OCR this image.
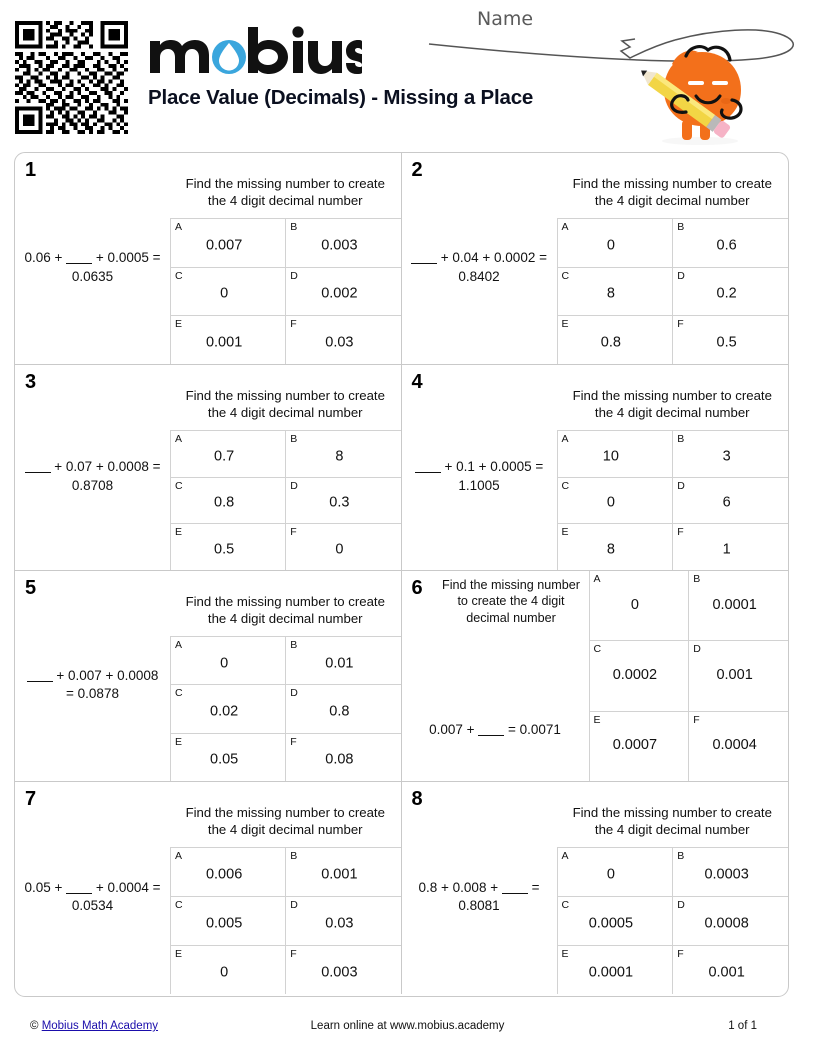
Place Value (Decimals) - Missing a Place
Name
1
0.06 +  + 0.0005 = 0.0635
Find the missing number to create the 4 digit decimal number
A
0.007
B
0.003
C
0
D
0.002
E
0.001
F
0.03
2
+ 0.04 + 0.0002 = 0.8402
Find the missing number to create the 4 digit decimal number
A
0
B
0.6
C
8
D
0.2
E
0.8
F
0.5
3
+ 0.07 + 0.0008 = 0.8708
Find the missing number to create the 4 digit decimal number
A
0.7
B
8
C
0.8
D
0.3
E
0.5
F
0
4
+ 0.1 + 0.0005 = 1.1005
Find the missing number to create the 4 digit decimal number
A
10
B
3
C
0
D
6
E
8
F
1
5
+ 0.007 + 0.0008 = 0.0878
Find the missing number to create the 4 digit decimal number
A
0
B
0.01
C
0.02
D
0.8
E
0.05
F
0.08
6	Find the missing number to create the 4 digit decimal number
0.007 +  = 0.0071
A
0
B
0.0001
C
0.0002
D
0.001
E
0.0007
F
0.0004
7
0.05 +  + 0.0004 = 0.0534
Find the missing number to create the 4 digit decimal number
A
0.006
B
0.001
C
0.005
D
0.03
E
0
F
0.003
8
0.8 + 0.008 +  = 0.8081
Find the missing number to create the 4 digit decimal number
A
0
B
0.0003
C
0.0005
D
0.0008
E
0.0001
F
0.001
© Mobius Math Academy	Learn online at www.mobius.academy	1 of 1
